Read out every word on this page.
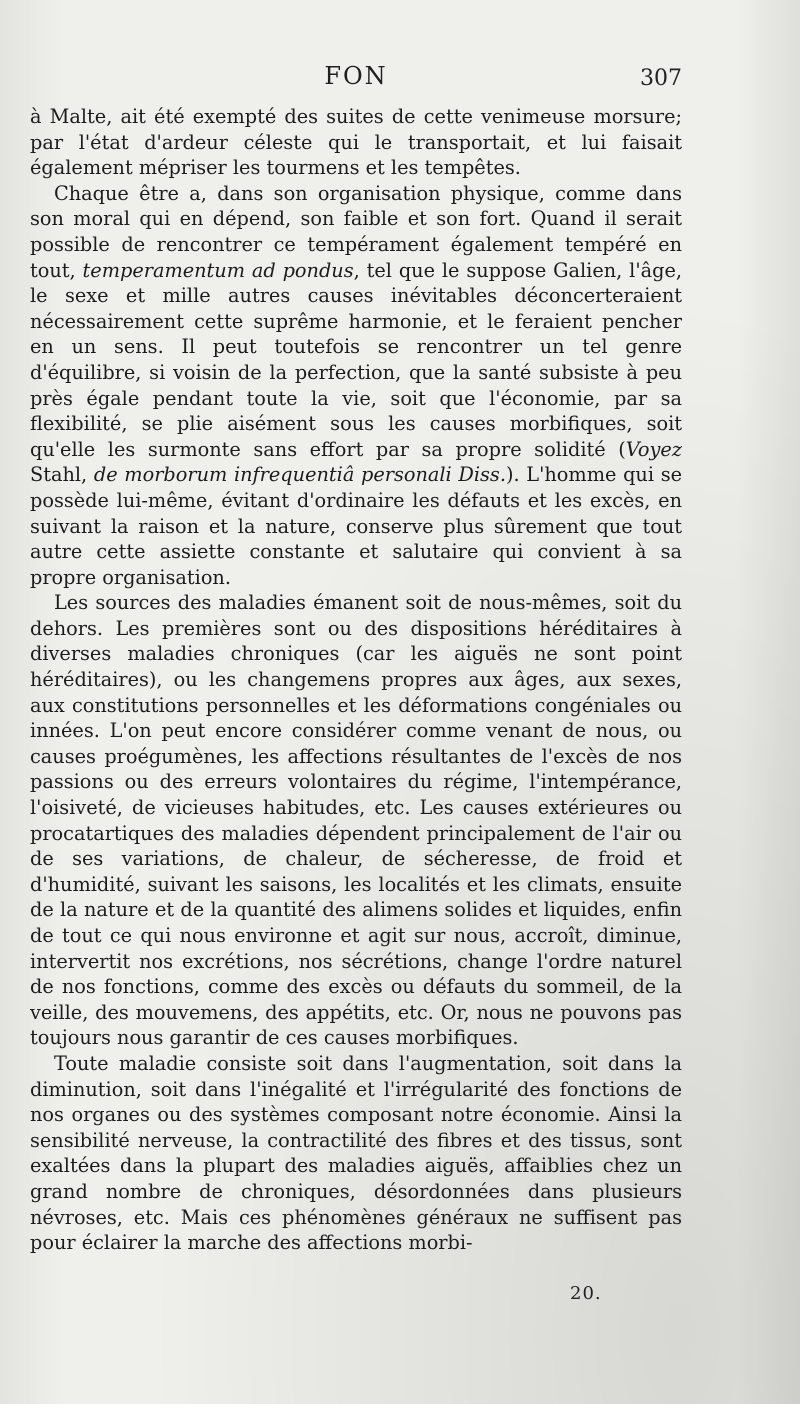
FON	307

à Malte, ait été exempté des suites de cette venimeuse morsure; par l'état d'ardeur céleste qui le transportait, et lui faisait également mépriser les tourmens et les tempêtes.

Chaque être a, dans son organisation physique, comme dans son moral qui en dépend, son faible et son fort. Quand il serait possible de rencontrer ce tempérament également tempéré en tout, temperamentum ad pondus, tel que le suppose Galien, l'âge, le sexe et mille autres causes inévitables déconcerteraient nécessairement cette suprême harmonie, et le feraient pencher en un sens. Il peut toutefois se rencontrer un tel genre d'équilibre, si voisin de la perfection, que la santé subsiste à peu près égale pendant toute la vie, soit que l'économie, par sa flexibilité, se plie aisément sous les causes morbifiques, soit qu'elle les surmonte sans effort par sa propre solidité (Voyez Stahl, de morborum infrequentiâ personali Diss.). L'homme qui se possède lui-même, évitant d'ordinaire les défauts et les excès, en suivant la raison et la nature, conserve plus sûrement que tout autre cette assiette constante et salutaire qui convient à sa propre organisation.

Les sources des maladies émanent soit de nous-mêmes, soit du dehors. Les premières sont ou des dispositions héréditaires à diverses maladies chroniques (car les aiguës ne sont point héréditaires), ou les changemens propres aux âges, aux sexes, aux constitutions personnelles et les déformations congéniales ou innées. L'on peut encore considérer comme venant de nous, ou causes proégumènes, les affections résultantes de l'excès de nos passions ou des erreurs volontaires du régime, l'intempérance, l'oisiveté, de vicieuses habitudes, etc. Les causes extérieures ou procatartiques des maladies dépendent principalement de l'air ou de ses variations, de chaleur, de sécheresse, de froid et d'humidité, suivant les saisons, les localités et les climats, ensuite de la nature et de la quantité des alimens solides et liquides, enfin de tout ce qui nous environne et agit sur nous, accroît, diminue, intervertit nos excrétions, nos sécrétions, change l'ordre naturel de nos fonctions, comme des excès ou défauts du sommeil, de la veille, des mouvemens, des appétits, etc. Or, nous ne pouvons pas toujours nous garantir de ces causes morbifiques.

Toute maladie consiste soit dans l'augmentation, soit dans la diminution, soit dans l'inégalité et l'irrégularité des fonctions de nos organes ou des systèmes composant notre économie. Ainsi la sensibilité nerveuse, la contractilité des fibres et des tissus, sont exaltées dans la plupart des maladies aiguës, affaiblies chez un grand nombre de chroniques, désordonnées dans plusieurs névroses, etc. Mais ces phénomènes généraux ne suffisent pas pour éclairer la marche des affections morbi-

20.
